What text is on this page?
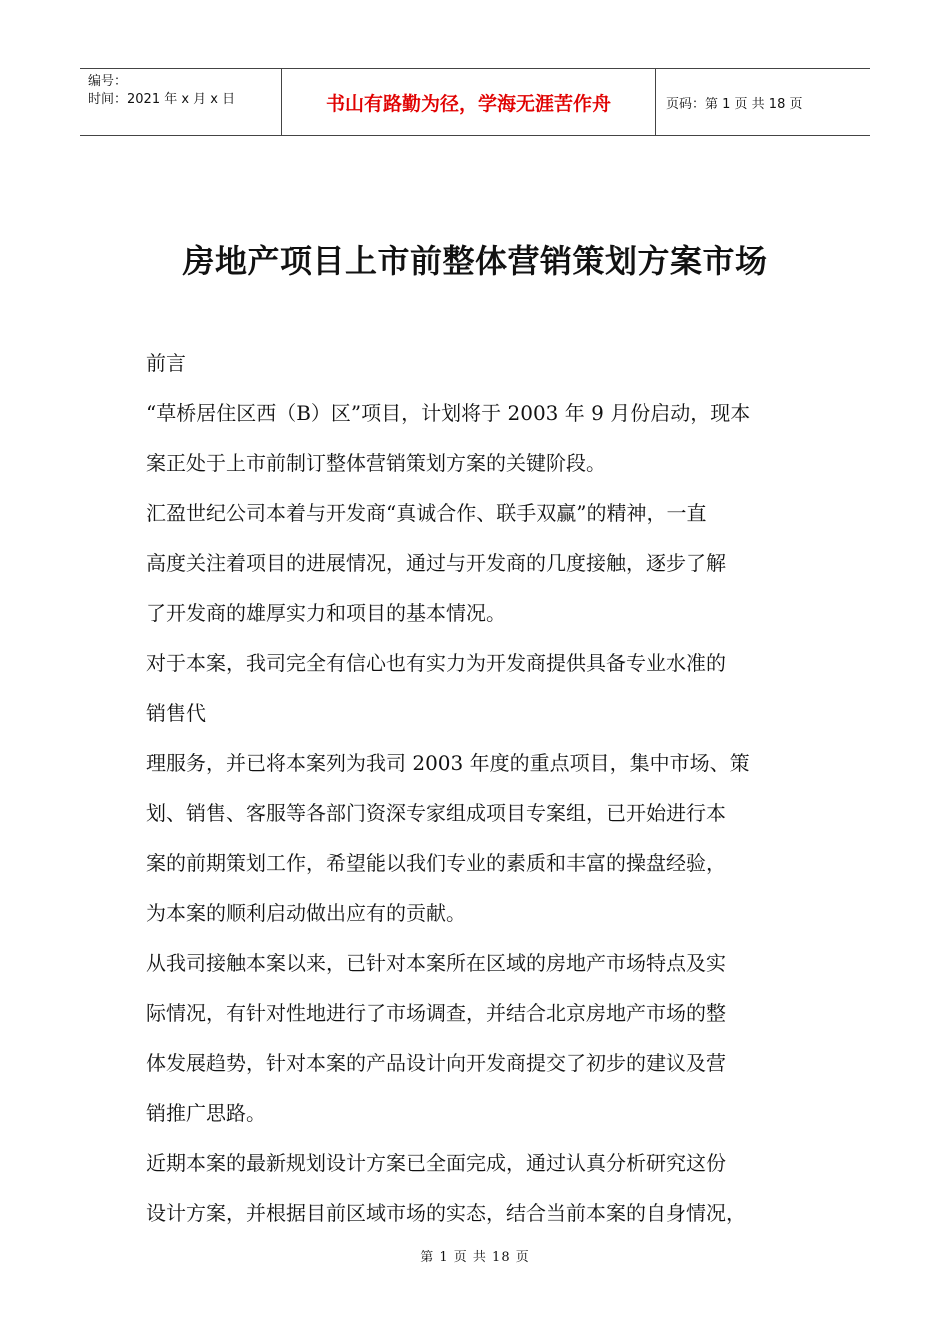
编号：
时间：2021 年 x 月 x 日	书山有路勤为径，学海无涯苦作舟	页码：第 1 页 共 18 页
房地产项目上市前整体营销策划方案市场

前言

“草桥居住区西（B）区”项目，计划将于 2003 年 9 月份启动，现本

案正处于上市前制订整体营销策划方案的关键阶段。

汇盈世纪公司本着与开发商“真诚合作、联手双赢”的精神，一直

高度关注着项目的进展情况，通过与开发商的几度接触，逐步了解

了开发商的雄厚实力和项目的基本情况。

对于本案，我司完全有信心也有实力为开发商提供具备专业水准的

销售代

理服务，并已将本案列为我司 2003 年度的重点项目，集中市场、策

划、销售、客服等各部门资深专家组成项目专案组，已开始进行本

案的前期策划工作，希望能以我们专业的素质和丰富的操盘经验，

为本案的顺利启动做出应有的贡献。

从我司接触本案以来，已针对本案所在区域的房地产市场特点及实

际情况，有针对性地进行了市场调查，并结合北京房地产市场的整

体发展趋势，针对本案的产品设计向开发商提交了初步的建议及营

销推广思路。

近期本案的最新规划设计方案已全面完成，通过认真分析研究这份

设计方案，并根据目前区域市场的实态，结合当前本案的自身情况，

第 1 页 共 18 页
